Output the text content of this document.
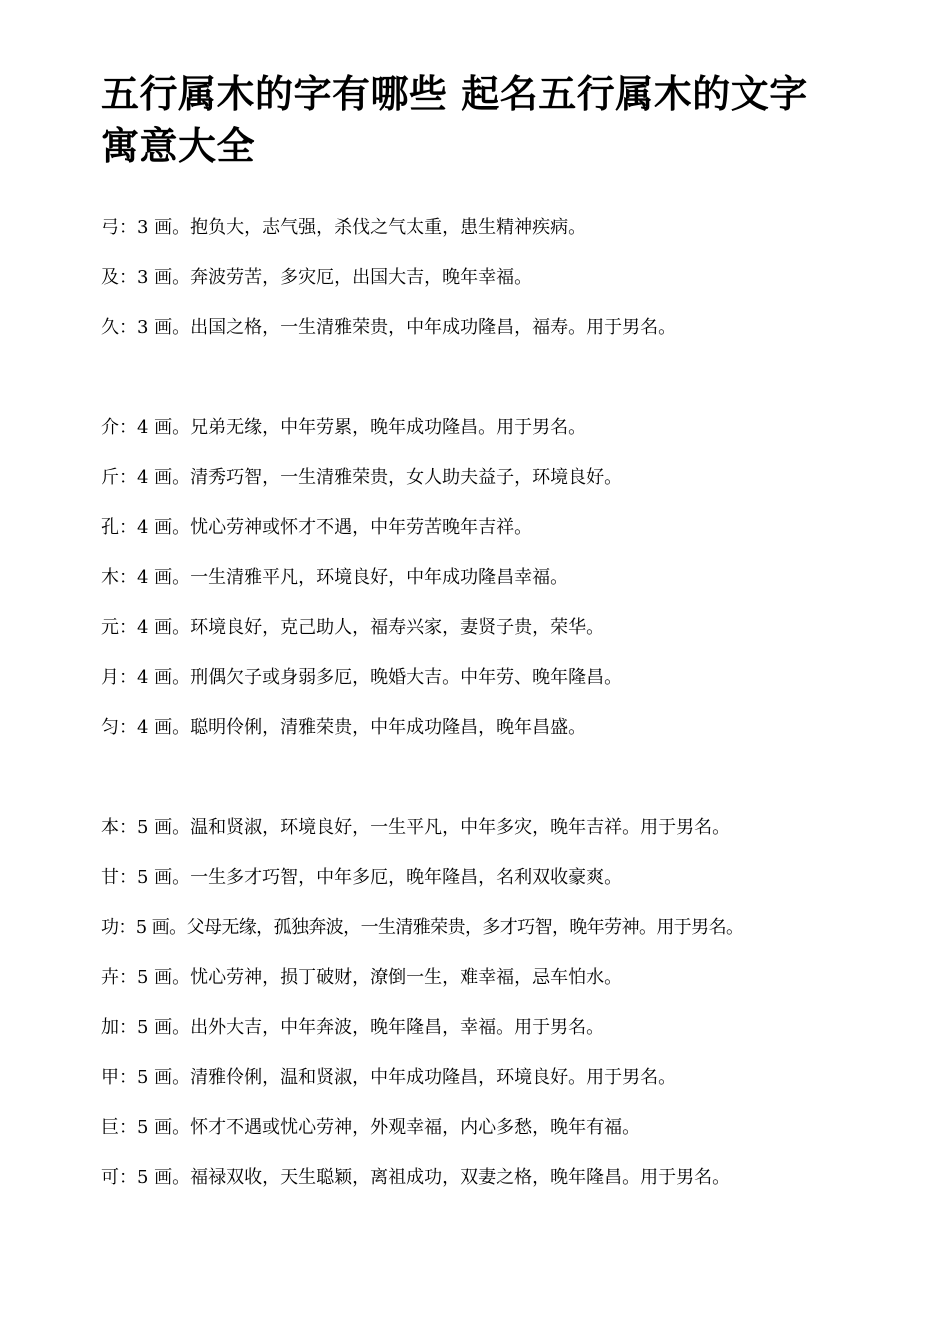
五行属木的字有哪些 起名五行属木的文字寓意大全

弓：3 画。抱负大，志气强，杀伐之气太重，患生精神疾病。

及：3 画。奔波劳苦，多灾厄，出国大吉，晚年幸福。

久：3 画。出国之格，一生清雅荣贵，中年成功隆昌，福寿。用于男名。

介：4 画。兄弟无缘，中年劳累，晚年成功隆昌。用于男名。

斤：4 画。清秀巧智，一生清雅荣贵，女人助夫益子，环境良好。

孔：4 画。忧心劳神或怀才不遇，中年劳苦晚年吉祥。

木：4 画。一生清雅平凡，环境良好，中年成功隆昌幸福。

元：4 画。环境良好，克己助人，福寿兴家，妻贤子贵，荣华。

月：4 画。刑偶欠子或身弱多厄，晚婚大吉。中年劳、晚年隆昌。

匀：4 画。聪明伶俐，清雅荣贵，中年成功隆昌，晚年昌盛。

本：5 画。温和贤淑，环境良好，一生平凡，中年多灾，晚年吉祥。用于男名。

甘：5 画。一生多才巧智，中年多厄，晚年隆昌，名利双收豪爽。

功：5 画。父母无缘，孤独奔波，一生清雅荣贵，多才巧智，晚年劳神。用于男名。

卉：5 画。忧心劳神，损丁破财，潦倒一生，难幸福，忌车怕水。

加：5 画。出外大吉，中年奔波，晚年隆昌，幸福。用于男名。

甲：5 画。清雅伶俐，温和贤淑，中年成功隆昌，环境良好。用于男名。

巨：5 画。怀才不遇或忧心劳神，外观幸福，内心多愁，晚年有福。

可：5 画。福禄双收，天生聪颖，离祖成功，双妻之格，晚年隆昌。用于男名。
